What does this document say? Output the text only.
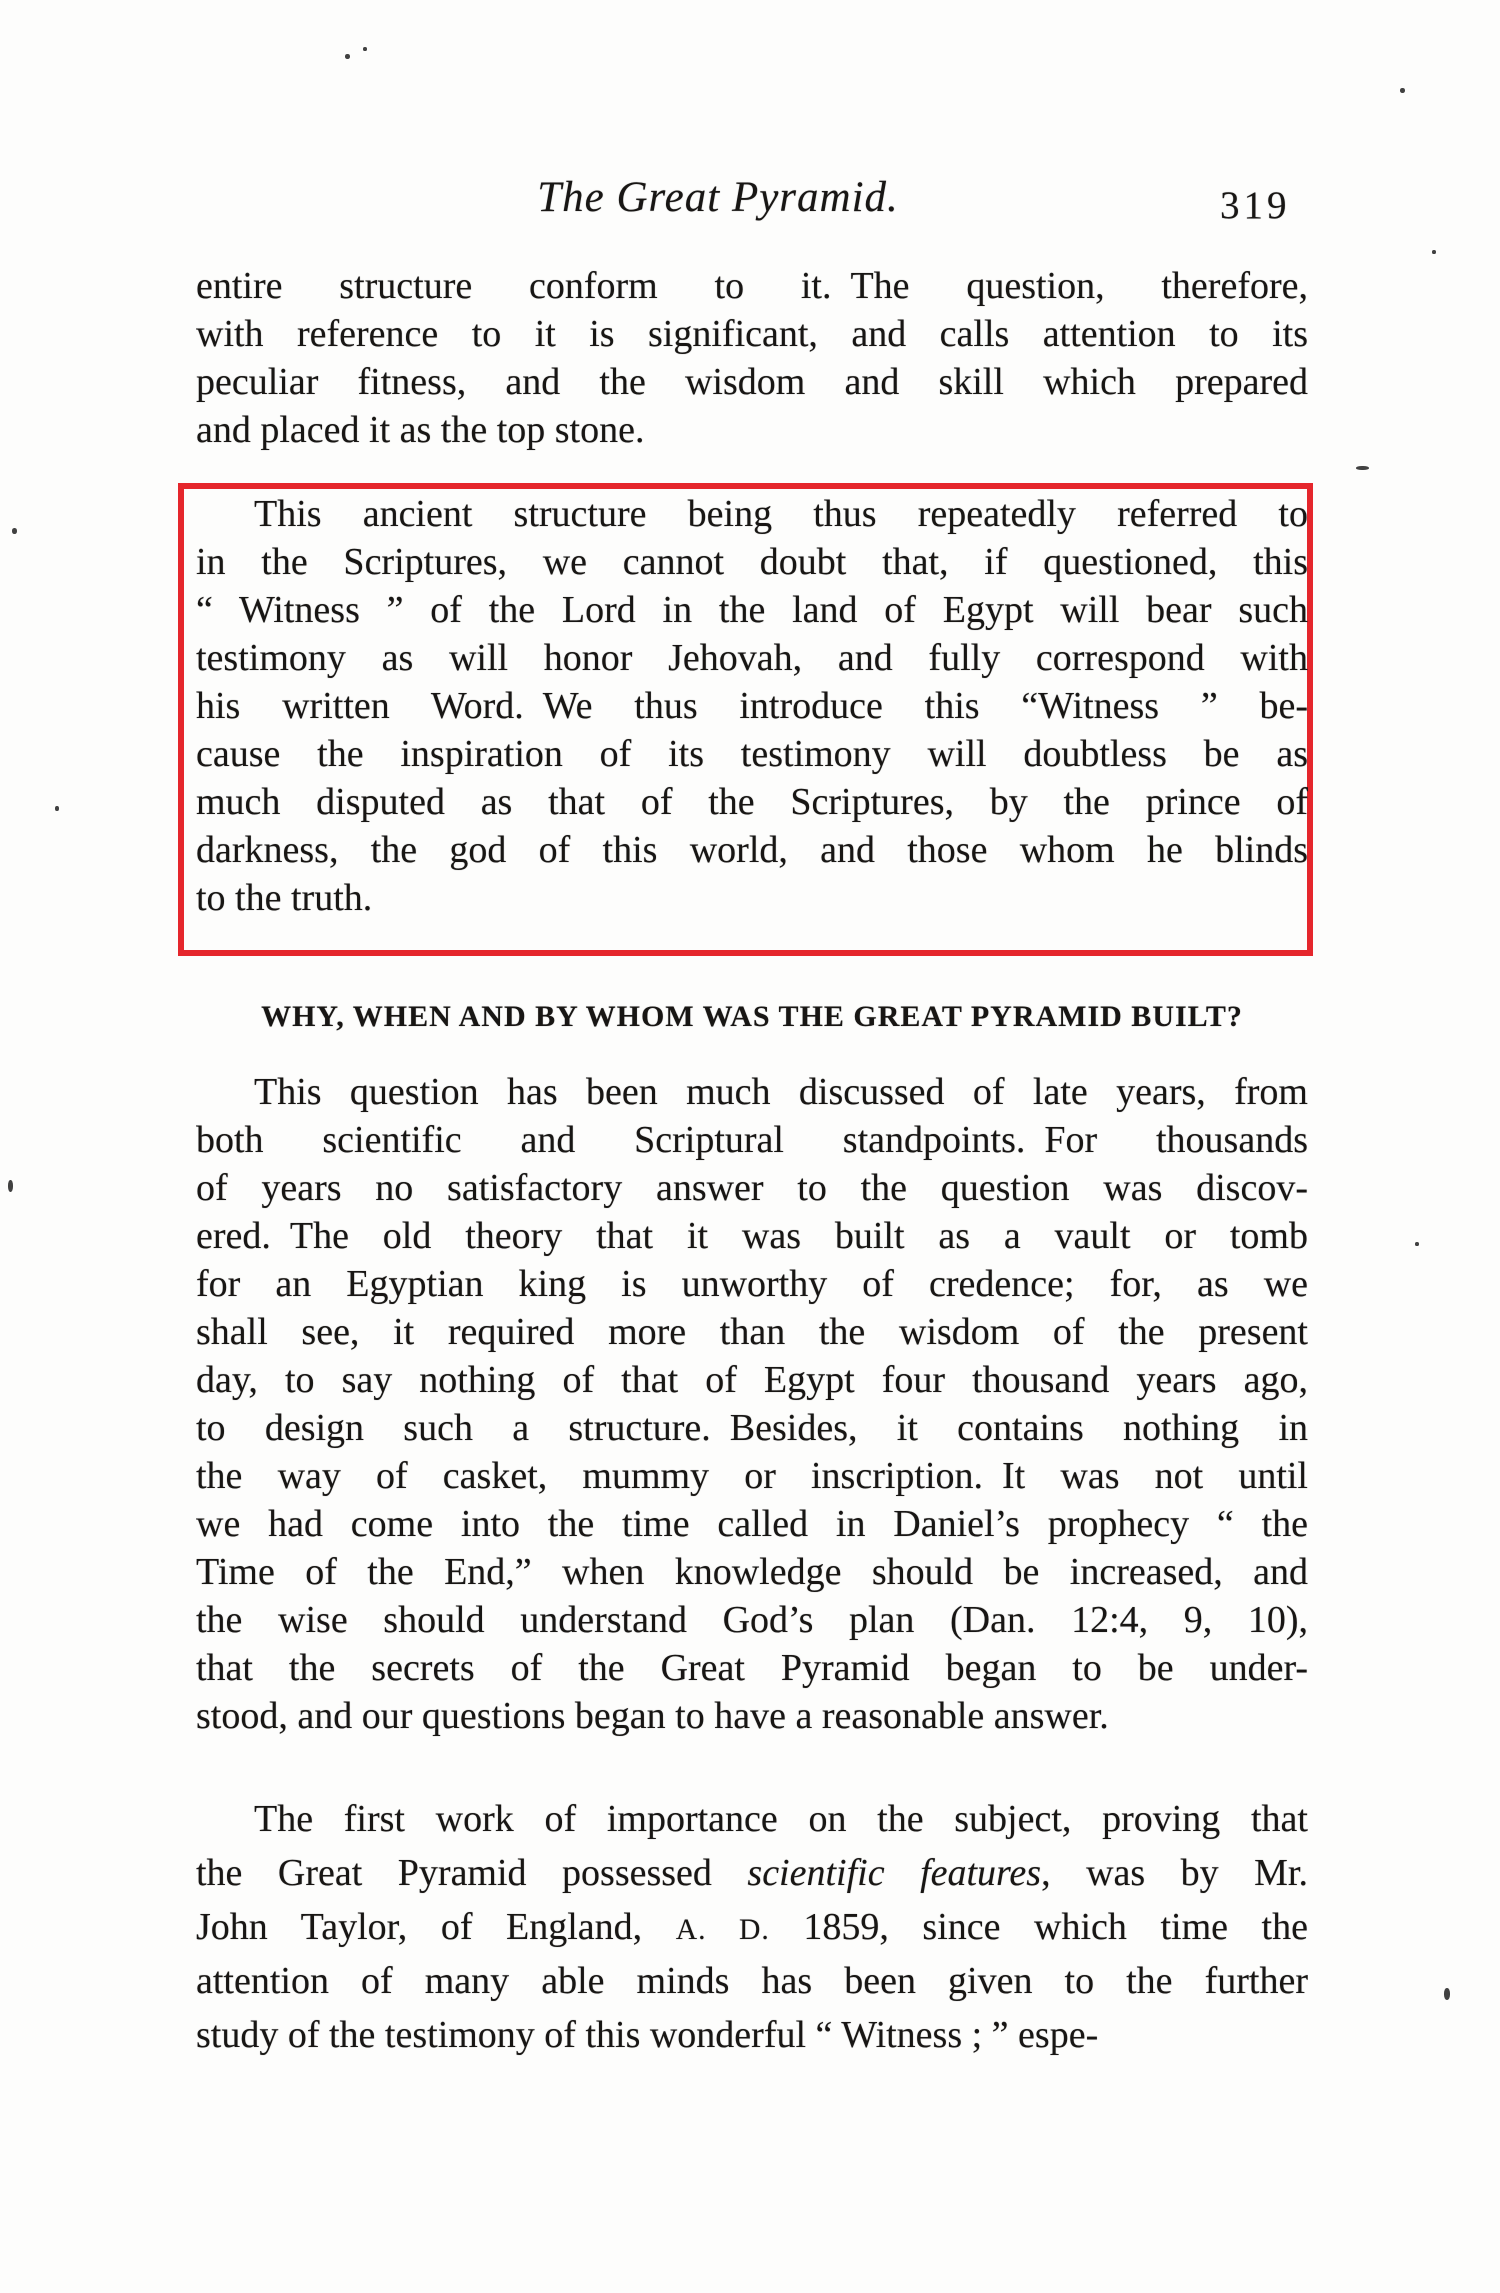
The Great Pyramid.	319
entire structure conform to it. The question, therefore,
with reference to it is significant, and calls attention to its
peculiar fitness, and the wisdom and skill which prepared
and placed it as the top stone.
This ancient structure being thus repeatedly referred to
in the Scriptures, we cannot doubt that, if questioned, this
“ Witness ” of the Lord in the land of Egypt will bear such
testimony as will honor Jehovah, and fully correspond with
his written Word. We thus introduce this “Witness ” be-
cause the inspiration of its testimony will doubtless be as
much disputed as that of the Scriptures, by the prince of
darkness, the god of this world, and those whom he blinds
to the truth.
WHY, WHEN AND BY WHOM WAS THE GREAT PYRAMID BUILT?
This question has been much discussed of late years, from
both scientific and Scriptural standpoints. For thousands
of years no satisfactory answer to the question was discov-
ered. The old theory that it was built as a vault or tomb
for an Egyptian king is unworthy of credence; for, as we
shall see, it required more than the wisdom of the present
day, to say nothing of that of Egypt four thousand years ago,
to design such a structure. Besides, it contains nothing in
the way of casket, mummy or inscription. It was not until
we had come into the time called in Daniel’s prophecy “ the
Time of the End,” when knowledge should be increased, and
the wise should understand God’s plan (Dan. 12:4, 9, 10),
that the secrets of the Great Pyramid began to be under-
stood, and our questions began to have a reasonable answer.
The first work of importance on the subject, proving that
the Great Pyramid possessed scientific features, was by Mr.
John Taylor, of England, A. D. 1859, since which time the
attention of many able minds has been given to the further
study of the testimony of this wonderful “ Witness ; ” espe-
